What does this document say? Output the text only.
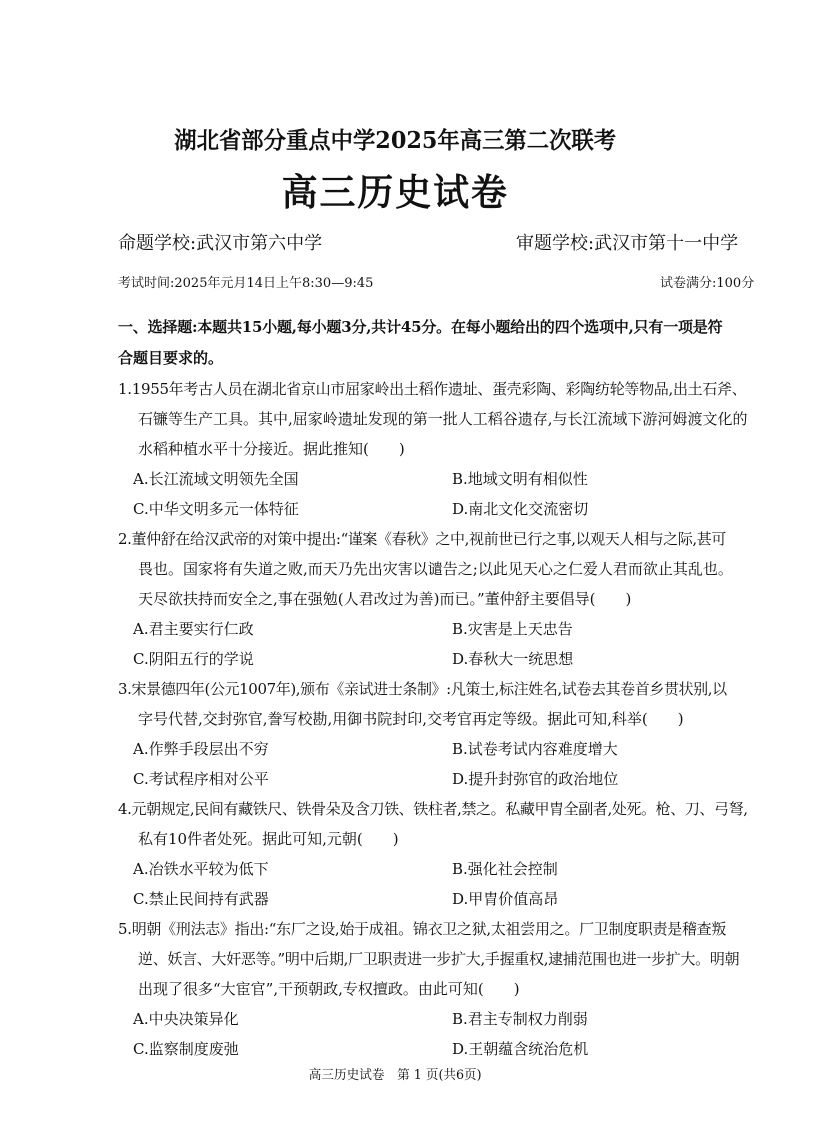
湖北省部分重点中学2025年高三第二次联考
高三历史试卷
命题学校:武汉市第六中学	审题学校:武汉市第十一中学
考试时间:2025年元月14日上午8:30—9:45	试卷满分:100分
一、选择题:本题共15小题,每小题3分,共计45分。在每小题给出的四个选项中,只有一项是符
合题目要求的。
1.1955年考古人员在湖北省京山市屈家岭出土稻作遗址、蛋壳彩陶、彩陶纺轮等物品,出土石斧、
石镰等生产工具。其中,屈家岭遗址发现的第一批人工稻谷遗存,与长江流域下游河姆渡文化的
水稻种植水平十分接近。据此推知(　　)
A.长江流域文明领先全国	B.地域文明有相似性
C.中华文明多元一体特征	D.南北文化交流密切
2.董仲舒在给汉武帝的对策中提出:“谨案《春秋》之中,视前世已行之事,以观天人相与之际,甚可
畏也。国家将有失道之败,而天乃先出灾害以谴告之;以此见天心之仁爱人君而欲止其乱也。
天尽欲扶持而安全之,事在强勉(人君改过为善)而已。”董仲舒主要倡导(　　)
A.君主要实行仁政	B.灾害是上天忠告
C.阴阳五行的学说	D.春秋大一统思想
3.宋景德四年(公元1007年),颁布《亲试进士条制》:凡策士,标注姓名,试卷去其卷首乡贯状别,以
字号代替,交封弥官,誊写校勘,用御书院封印,交考官再定等级。据此可知,科举(　　)
A.作弊手段层出不穷	B.试卷考试内容难度增大
C.考试程序相对公平	D.提升封弥官的政治地位
4.元朝规定,民间有藏铁尺、铁骨朵及含刀铁、铁柱者,禁之。私藏甲胄全副者,处死。枪、刀、弓弩,
私有10件者处死。据此可知,元朝(　　)
A.冶铁水平较为低下	B.强化社会控制
C.禁止民间持有武器	D.甲胄价值高昂
5.明朝《刑法志》指出:“东厂之设,始于成祖。锦衣卫之狱,太祖尝用之。厂卫制度职责是稽查叛
逆、妖言、大奸恶等。”明中后期,厂卫职责进一步扩大,手握重权,逮捕范围也进一步扩大。明朝
出现了很多“大宦官”,干预朝政,专权擅政。由此可知(　　)
A.中央决策异化	B.君主专制权力削弱
C.监察制度废弛	D.王朝蕴含统治危机
高三历史试卷　第 1 页(共6页)
